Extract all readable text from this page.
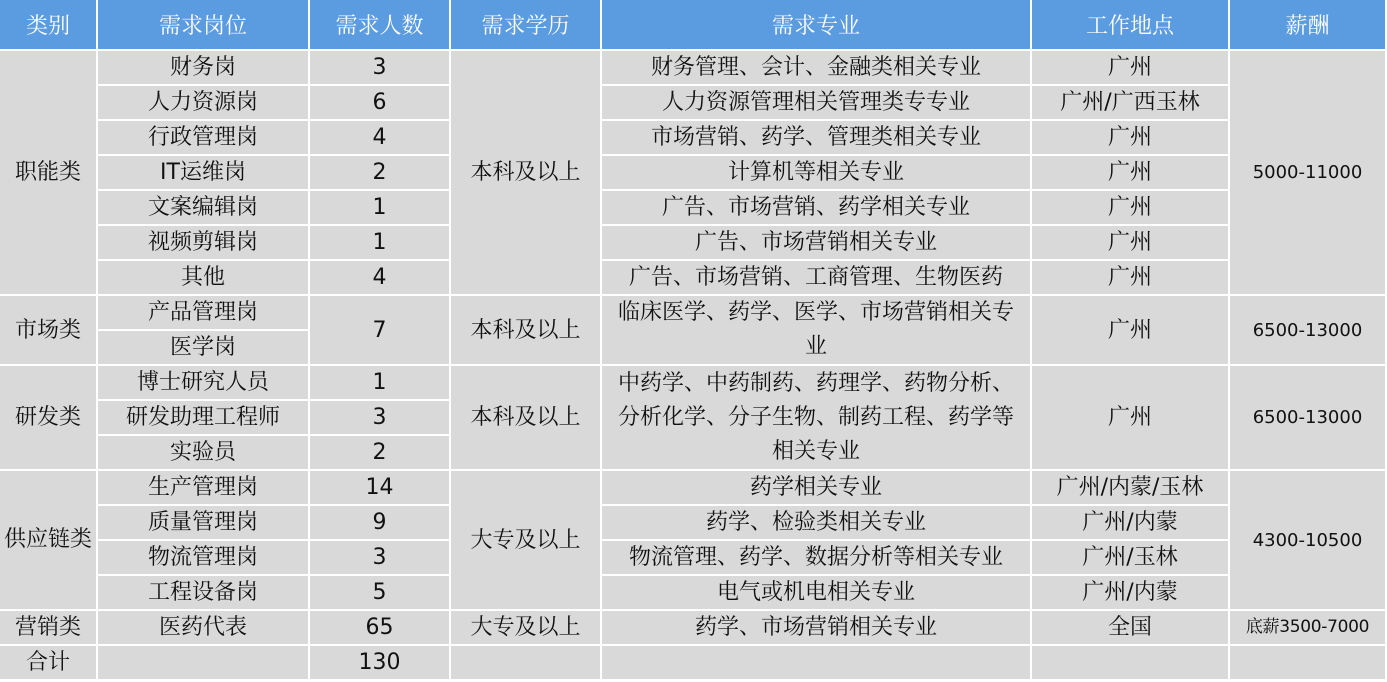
类别	需求岗位	需求人数	需求学历	需求专业	工作地点	薪酬
职能类	财务岗	3	本科及以上	财务管理、会计、金融类相关专业	广州	5000-11000
	人力资源岗	6		人力资源管理相关管理类专专业	广州/广西玉林	
	行政管理岗	4		市场营销、药学、管理类相关专业	广州	
	IT运维岗	2		计算机等相关专业	广州	
	文案编辑岗	1		广告、市场营销、药学相关专业	广州	
	视频剪辑岗	1		广告、市场营销相关专业	广州	
	其他	4		广告、市场营销、工商管理、生物医药	广州	
市场类	产品管理岗	7	本科及以上	临床医学、药学、医学、市场营销相关专业	广州	6500-13000
	医学岗					
研发类	博士研究人员	1	本科及以上	中药学、中药制药、药理学、药物分析、分析化学、分子生物、制药工程、药学等相关专业	广州	6500-13000
	研发助理工程师	3				
	实验员	2				
供应链类	生产管理岗	14	大专及以上	药学相关专业	广州/内蒙/玉林	4300-10500
	质量管理岗	9		药学、检验类相关专业	广州/内蒙	
	物流管理岗	3		物流管理、药学、数据分析等相关专业	广州/玉林	
	工程设备岗	5		电气或机电相关专业	广州/内蒙	
营销类	医药代表	65	大专及以上	药学、市场营销相关专业	全国	底薪3500-7000
合计		130				
